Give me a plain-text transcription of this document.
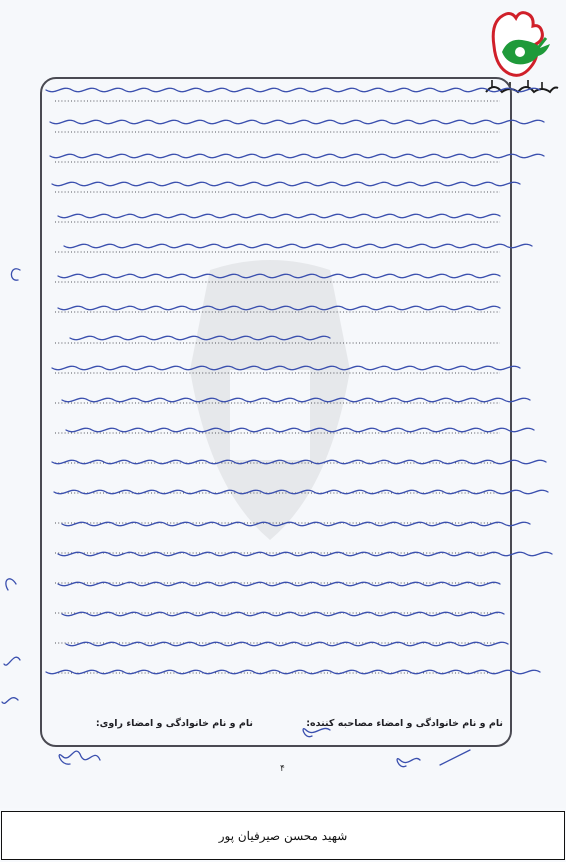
نام و نام خانوادگی و امضاء مصاحبه کننده:
نام و نام خانوادگی و امضاء راوی:
۴
شهید محسن صیرفیان پور
